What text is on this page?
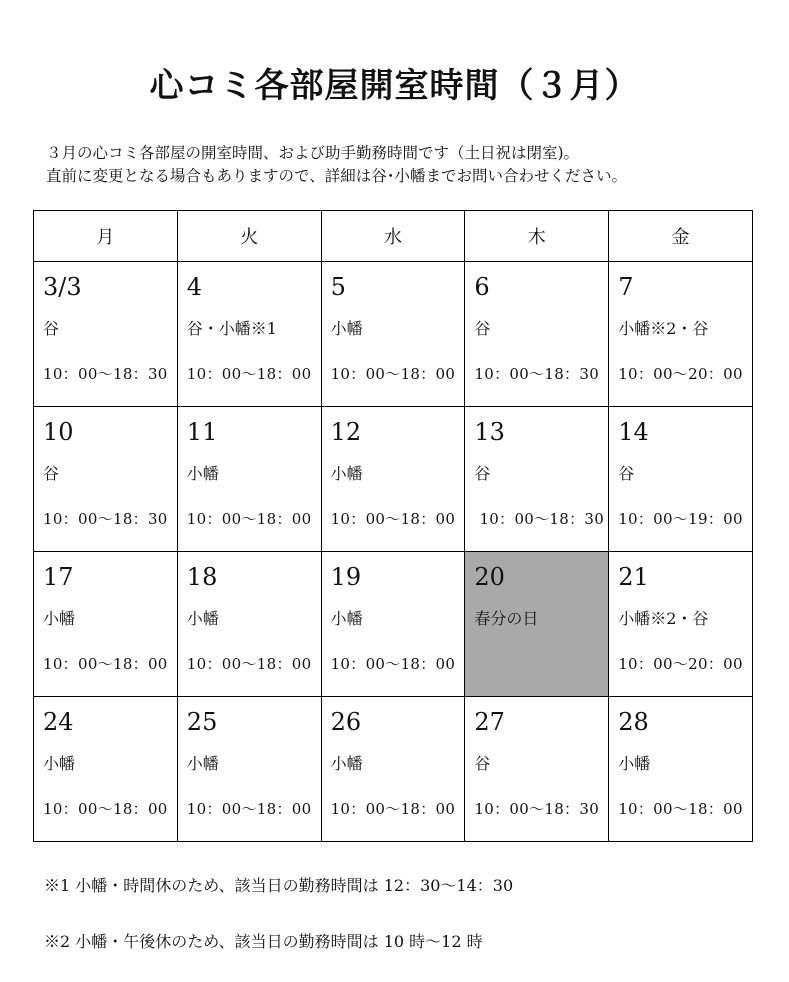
心コミ各部屋開室時間（３月）
３月の心コミ各部屋の開室時間、および助手勤務時間です（土日祝は閉室)。
直前に変更となる場合もありますので、詳細は谷･小幡までお問い合わせください。
月	火	水	木	金

3/3
谷
10：00～18：30	4
谷・小幡※1
10：00～18：00	5
小幡
10：00～18：00	6
谷
10：00～18：30	7
小幡※2・谷
10：00～20：00

10
谷
10：00～18：30	11
小幡
10：00～18：00	12
小幡
10：00～18：00	13
谷
10：00～18：30	14
谷
10：00～19：00

17
小幡
10：00～18：00	18
小幡
10：00～18：00	19
小幡
10：00～18：00	20
春分の日	21
小幡※2・谷
10：00～20：00

24
小幡
10：00～18：00	25
小幡
10：00～18：00	26
小幡
10：00～18：00	27
谷
10：00～18：30	28
小幡
10：00～18：00
※1 小幡・時間休のため、該当日の勤務時間は 12：30～14：30
※2 小幡・午後休のため、該当日の勤務時間は 10 時～12 時
